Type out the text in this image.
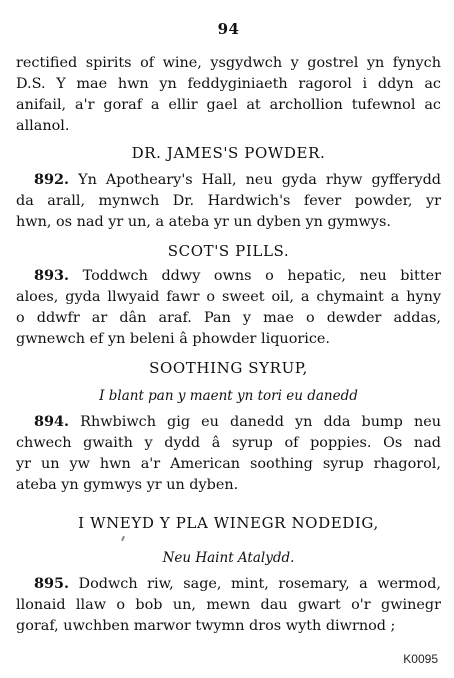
94
rectified spirits of wine, ysgydwch y gostrel yn fynych
D.S. Y mae hwn yn feddyginiaeth ragorol i ddyn ac
anifail, a'r goraf a ellir gael at archollion tufewnol ac
allanol.
DR. JAMES'S POWDER.
892. Yn Apotheary's Hall, neu gyda rhyw gyfferydd
da arall, mynwch Dr. Hardwich's fever powder, yr
hwn, os nad yr un, a ateba yr un dyben yn gymwys.
SCOT'S PILLS.
893. Toddwch ddwy owns o hepatic, neu bitter
aloes, gyda llwyaid fawr o sweet oil, a chymaint a hyny
o ddwfr ar dân araf. Pan y mae o dewder addas,
gwnewch ef yn beleni â phowder liquorice.
SOOTHING SYRUP,
I blant pan y maent yn tori eu danedd
894. Rhwbiwch gig eu danedd yn dda bump neu
chwech gwaith y dydd â syrup of poppies. Os nad
yr un yw hwn a'r American soothing syrup rhagorol,
ateba yn gymwys yr un dyben.
I WNEYD Y PLA WINEGR NODEDIG,
Neu Haint Atalydd.
895. Dodwch riw, sage, mint, rosemary, a wermod,
llonaid llaw o bob un, mewn dau gwart o'r gwinegr
goraf, uwchben marwor twymn dros wyth diwrnod ;
K0095
